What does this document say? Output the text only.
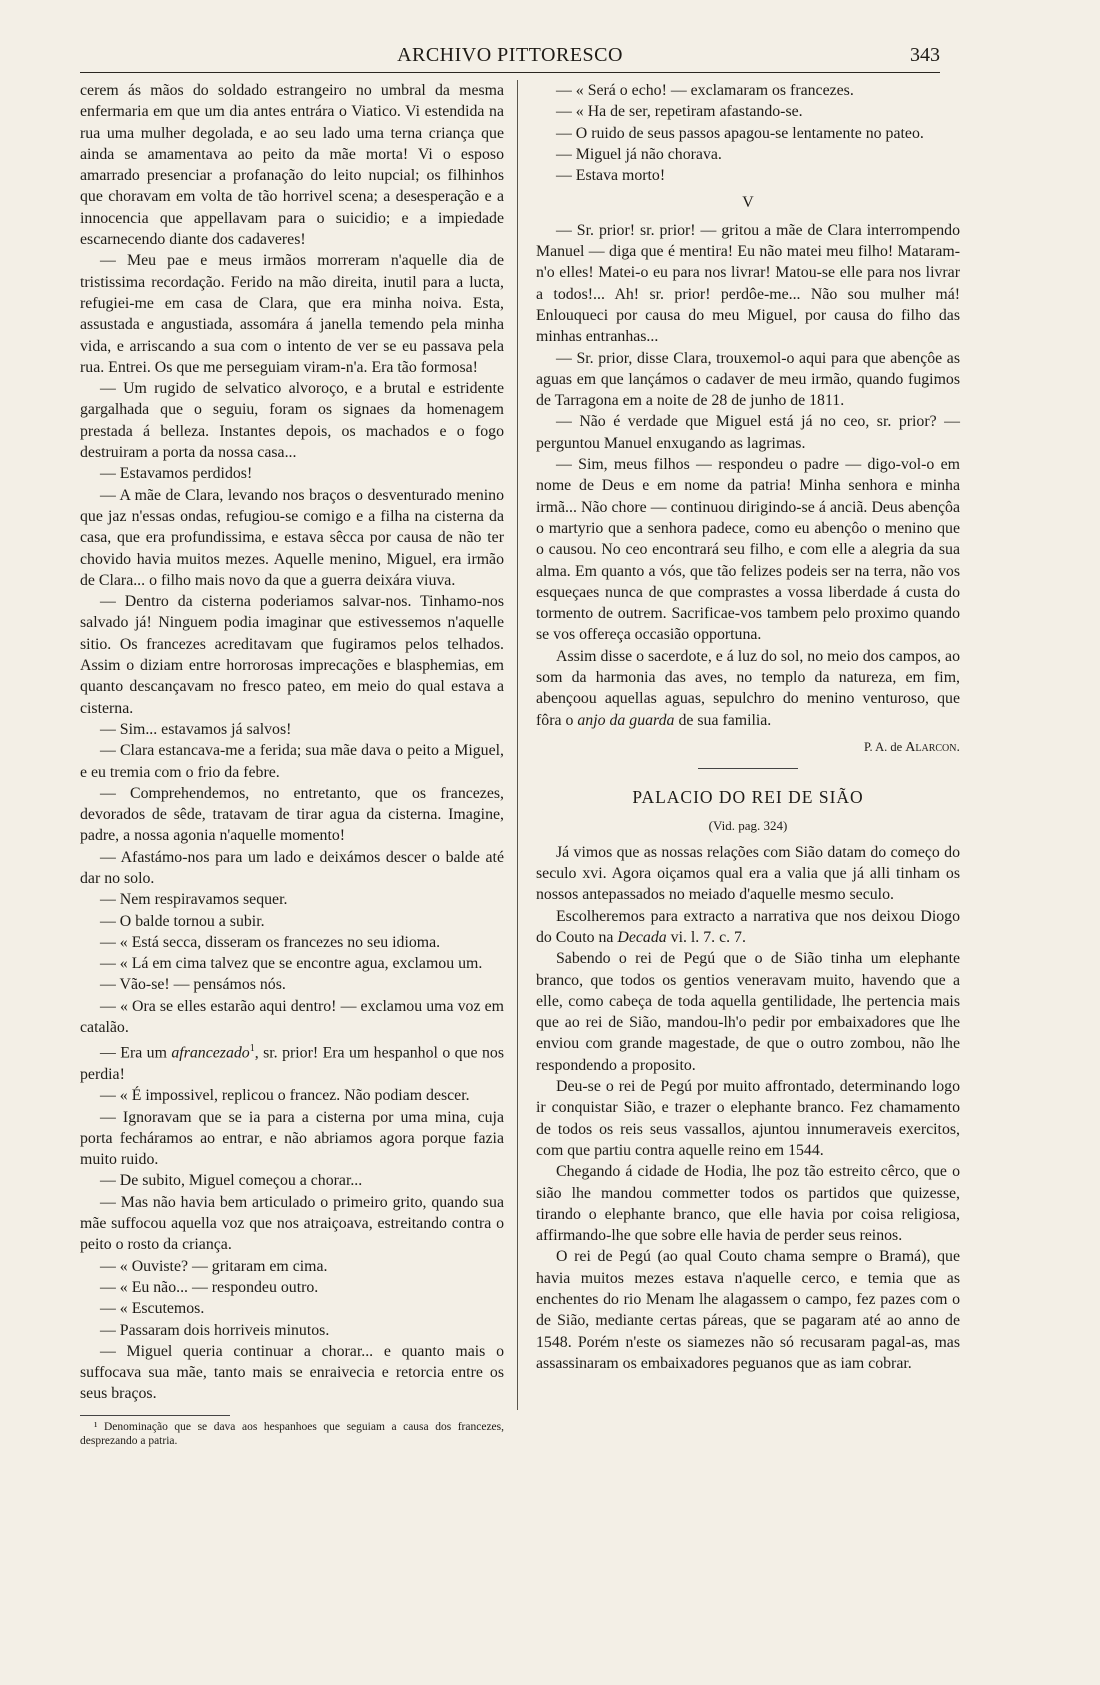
ARCHIVO PITTORESCO	343

cerem ás mãos do soldado estrangeiro no umbral da mesma enfermaria em que um dia antes entrára o Viatico. Vi estendida na rua uma mulher degolada, e ao seu lado uma terna criança que ainda se amamentava ao peito da mãe morta! Vi o esposo amarrado presenciar a profanação do leito nupcial; os filhinhos que choravam em volta de tão horrivel scena; a desesperação e a innocencia que appellavam para o suicidio; e a impiedade escarnecendo diante dos cadaveres!

— Meu pae e meus irmãos morreram n'aquelle dia de tristissima recordação. Ferido na mão direita, inutil para a lucta, refugiei-me em casa de Clara, que era minha noiva. Esta, assustada e angustiada, assomára á janella temendo pela minha vida, e arriscando a sua com o intento de ver se eu passava pela rua. Entrei. Os que me perseguiam viram-n'a. Era tão formosa!

— Um rugido de selvatico alvoroço, e a brutal e estridente gargalhada que o seguiu, foram os signaes da homenagem prestada á belleza. Instantes depois, os machados e o fogo destruiram a porta da nossa casa...

— Estavamos perdidos!

— A mãe de Clara, levando nos braços o desventurado menino que jaz n'essas ondas, refugiou-se comigo e a filha na cisterna da casa, que era profundissima, e estava sêcca por causa de não ter chovido havia muitos mezes. Aquelle menino, Miguel, era irmão de Clara... o filho mais novo da que a guerra deixára viuva.

— Dentro da cisterna poderiamos salvar-nos. Tinhamo-nos salvado já! Ninguem podia imaginar que estivessemos n'aquelle sitio. Os francezes acreditavam que fugiramos pelos telhados. Assim o diziam entre horrorosas imprecações e blasphemias, em quanto descançavam no fresco pateo, em meio do qual estava a cisterna.

— Sim... estavamos já salvos!

— Clara estancava-me a ferida; sua mãe dava o peito a Miguel, e eu tremia com o frio da febre.

— Comprehendemos, no entretanto, que os francezes, devorados de sêde, tratavam de tirar agua da cisterna. Imagine, padre, a nossa agonia n'aquelle momento!

— Afastámo-nos para um lado e deixámos descer o balde até dar no solo.

— Nem respiravamos sequer.

— O balde tornou a subir.

— « Está secca, disseram os francezes no seu idioma.

— « Lá em cima talvez que se encontre agua, exclamou um.

— Vão-se! — pensámos nós.

— « Ora se elles estarão aqui dentro! — exclamou uma voz em catalão.

— Era um afrancezado$^1$, sr. prior! Era um hespanhol o que nos perdia!

— « É impossivel, replicou o francez. Não podiam descer.

— Ignoravam que se ia para a cisterna por uma mina, cuja porta fecháramos ao entrar, e não abriamos agora porque fazia muito ruido.

— De subito, Miguel começou a chorar...

— Mas não havia bem articulado o primeiro grito, quando sua mãe suffocou aquella voz que nos atraiçoava, estreitando contra o peito o rosto da criança.

— « Ouviste? — gritaram em cima.

— « Eu não... — respondeu outro.

— « Escutemos.

— Passaram dois horriveis minutos.

— Miguel queria continuar a chorar... e quanto mais o suffocava sua mãe, tanto mais se enraivecia e retorcia entre os seus braços.

¹ Denominação que se dava aos hespanhoes que seguiam a causa dos francezes, desprezando a patria.

— « Será o echo! — exclamaram os francezes.

— « Ha de ser, repetiram afastando-se.

— O ruido de seus passos apagou-se lentamente no pateo.

— Miguel já não chorava.

— Estava morto!

V

— Sr. prior! sr. prior! — gritou a mãe de Clara interrompendo Manuel — diga que é mentira! Eu não matei meu filho! Mataram-n'o elles! Matei-o eu para nos livrar! Matou-se elle para nos livrar a todos!... Ah! sr. prior! perdôe-me... Não sou mulher má! Enlouqueci por causa do meu Miguel, por causa do filho das minhas entranhas...

— Sr. prior, disse Clara, trouxemol-o aqui para que abençôe as aguas em que lançámos o cadaver de meu irmão, quando fugimos de Tarragona em a noite de 28 de junho de 1811.

— Não é verdade que Miguel está já no ceo, sr. prior? — perguntou Manuel enxugando as lagrimas.

— Sim, meus filhos — respondeu o padre — digo-vol-o em nome de Deus e em nome da patria! Minha senhora e minha irmã... Não chore — continuou dirigindo-se á anciã. Deus abençôa o martyrio que a senhora padece, como eu abençôo o menino que o causou. No ceo encontrará seu filho, e com elle a alegria da sua alma. Em quanto a vós, que tão felizes podeis ser na terra, não vos esqueçaes nunca de que comprastes a vossa liberdade á custa do tormento de outrem. Sacrificae-vos tambem pelo proximo quando se vos offereça occasião opportuna.

Assim disse o sacerdote, e á luz do sol, no meio dos campos, ao som da harmonia das aves, no templo da natureza, em fim, abençoou aquellas aguas, sepulchro do menino venturoso, que fôra o anjo da guarda de sua familia.

P. A. de Alarcon.

PALACIO DO REI DE SIÃO

(Vid. pag. 324)

Já vimos que as nossas relações com Sião datam do começo do seculo xvi. Agora oiçamos qual era a valia que já alli tinham os nossos antepassados no meiado d'aquelle mesmo seculo.

Escolheremos para extracto a narrativa que nos deixou Diogo do Couto na Decada vi. l. 7. c. 7.

Sabendo o rei de Pegú que o de Sião tinha um elephante branco, que todos os gentios veneravam muito, havendo que a elle, como cabeça de toda aquella gentilidade, lhe pertencia mais que ao rei de Sião, mandou-lh'o pedir por embaixadores que lhe enviou com grande magestade, de que o outro zombou, não lhe respondendo a proposito.

Deu-se o rei de Pegú por muito affrontado, determinando logo ir conquistar Sião, e trazer o elephante branco. Fez chamamento de todos os reis seus vassallos, ajuntou innumeraveis exercitos, com que partiu contra aquelle reino em 1544.

Chegando á cidade de Hodia, lhe poz tão estreito cêrco, que o sião lhe mandou commetter todos os partidos que quizesse, tirando o elephante branco, que elle havia por coisa religiosa, affirmando-lhe que sobre elle havia de perder seus reinos.

O rei de Pegú (ao qual Couto chama sempre o Bramá), que havia muitos mezes estava n'aquelle cerco, e temia que as enchentes do rio Menam lhe alagassem o campo, fez pazes com o de Sião, mediante certas páreas, que se pagaram até ao anno de 1548. Porém n'este os siamezes não só recusaram pagal-as, mas assassinaram os embaixadores peguanos que as iam cobrar.
